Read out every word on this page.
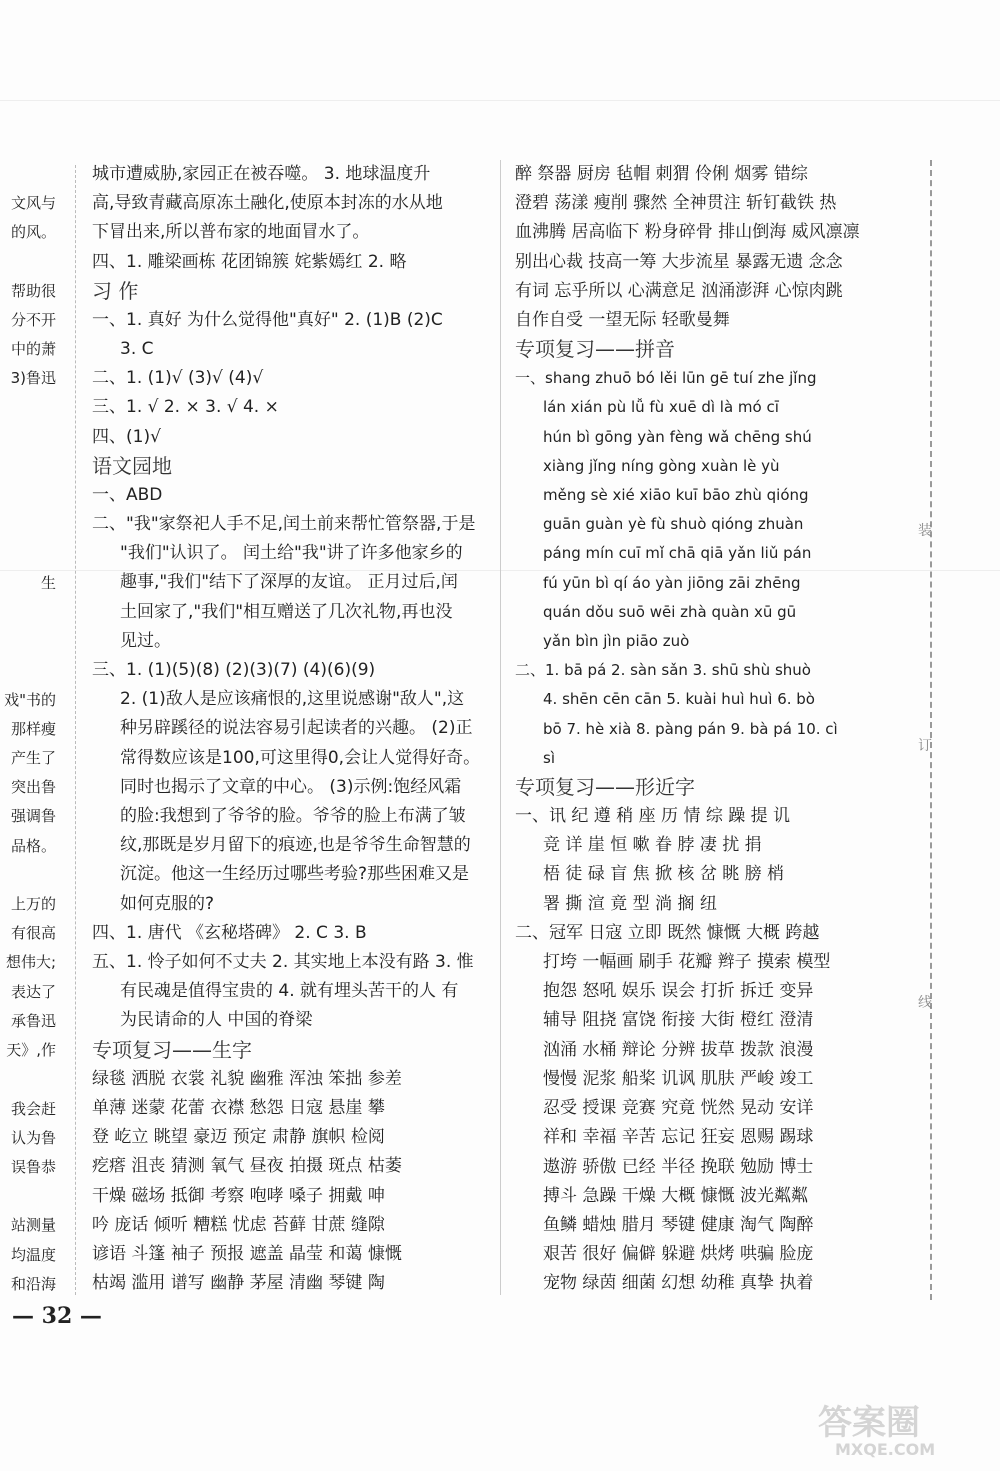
装
订
线

文风与
的风。

帮助很
分不开
中的萧
3)鲁迅

生

戏"书的
那样瘦
产生了
突出鲁
强调鲁
品格。

上万的
有很高
想伟大;
表达了
承鲁迅
天》,作

我会赶
认为鲁
误鲁恭

站测量
均温度
和沿海
城市遭威胁,家园正在被吞噬。 3. 地球温度升
高,导致青藏高原冻土融化,使原本封冻的水从地
下冒出来,所以普布家的地面冒水了。
四、1. 雕梁画栋 花团锦簇 姹紫嫣红 2. 略
习 作
一、1. 真好 为什么觉得他"真好" 2. (1)B (2)C
3. C
二、1. (1)√ (3)√ (4)√
三、1. √ 2. × 3. √ 4. ×
四、(1)√
语文园地
一、ABD
二、"我"家祭祀人手不足,闰土前来帮忙管祭器,于是
"我们"认识了。 闰土给"我"讲了许多他家乡的
趣事,"我们"结下了深厚的友谊。 正月过后,闰
土回家了,"我们"相互赠送了几次礼物,再也没
见过。
三、1. (1)(5)(8) (2)(3)(7) (4)(6)(9)
2. (1)敌人是应该痛恨的,这里说感谢"敌人",这
种另辟蹊径的说法容易引起读者的兴趣。 (2)正
常得数应该是100,可这里得0,会让人觉得好奇。
同时也揭示了文章的中心。 (3)示例:饱经风霜
的脸:我想到了爷爷的脸。爷爷的脸上布满了皱
纹,那既是岁月留下的痕迹,也是爷爷生命智慧的
沉淀。他这一生经历过哪些考验?那些困难又是
如何克服的?
四、1. 唐代 《玄秘塔碑》 2. C 3. B
五、1. 怜子如何不丈夫 2. 其实地上本没有路 3. 惟
有民魂是值得宝贵的 4. 就有埋头苦干的人 有
为民请命的人 中国的脊梁
专项复习——生字
绿毯 洒脱 衣裳 礼貌 幽雅 浑浊 笨拙 参差
单薄 迷蒙 花蕾 衣襟 愁怨 日寇 悬崖 攀
登 屹立 眺望 豪迈 预定 肃静 旗帜 检阅
疙瘩 沮丧 猜测 氧气 昼夜 拍摄 斑点 枯萎
干燥 磁场 抵御 考察 咆哮 嗓子 拥戴 呻
吟 庞话 倾听 糟糕 忧虑 苔藓 甘蔗 缝隙
谚语 斗篷 袖子 预报 遮盖 晶莹 和蔼 慷慨
枯竭 滥用 谱写 幽静 茅屋 清幽 琴键 陶
醉 祭器 厨房 毡帽 刺猬 伶俐 烟雾 错综
澄碧 荡漾 瘦削 骤然 全神贯注 斩钉截铁 热
血沸腾 居高临下 粉身碎骨 排山倒海 威风凛凛
别出心裁 技高一筹 大步流星 暴露无遗 念念
有词 忘乎所以 心满意足 汹涌澎湃 心惊肉跳
自作自受 一望无际 轻歌曼舞
专项复习——拼音
一、shang zhuō bó lěi lūn gē tuí zhe jǐng
lán xián pù lǚ fù xuē dì là mó cī
hún bì gōng yàn fèng wǎ chēng shú
xiàng jǐng níng gòng xuàn lè yù
měng sè xié xiāo kuī bāo zhù qióng
guān guàn yè fù shuò qióng zhuàn
páng mín cuī mǐ chā qiā yǎn liǔ pán
fú yūn bì qí áo yàn jiōng zāi zhēng
quán dǒu suō wēi zhà quàn xū gū
yǎn bìn jìn piāo zuò
二、1. bā pá 2. sàn sǎn 3. shū shù shuò
4. shēn cēn cān 5. kuài huì huì 6. bò
bō 7. hè xià 8. pàng pán 9. bà pá 10. cì
sì
专项复习——形近字
一、讯 纪 遵 稍 座 历 情 综 躁 提 讥
竞 详 崖 恒 嗽 眷 脖 凄 扰 捐
梧 徒 碌 盲 焦 掀 核 岔 眺 膀 梢
署 撕 渲 竟 型 淌 搁 纽
二、冠军 日寇 立即 既然 慷慨 大概 跨越
打垮 一幅画 刷手 花瓣 辫子 摸索 模型
抱怨 怒吼 娱乐 误会 打折 拆迁 变异
辅导 阻挠 富饶 衔接 大街 橙红 澄清
汹涌 水桶 辩论 分辨 拔草 拨款 浪漫
慢慢 泥浆 船桨 讥讽 肌肤 严峻 竣工
忍受 授课 竞赛 究竟 恍然 晃动 安详
祥和 幸福 辛苦 忘记 狂妄 恩赐 踢球
遨游 骄傲 已经 半径 挽联 勉励 博士
搏斗 急躁 干燥 大概 慷慨 波光粼粼
鱼鳞 蜡烛 腊月 琴键 健康 淘气 陶醉
艰苦 很好 偏僻 躲避 烘烤 哄骗 脸庞
宠物 绿茵 细菌 幻想 幼稚 真挚 执着
— 32 —
答案圈
MXQE.COM
